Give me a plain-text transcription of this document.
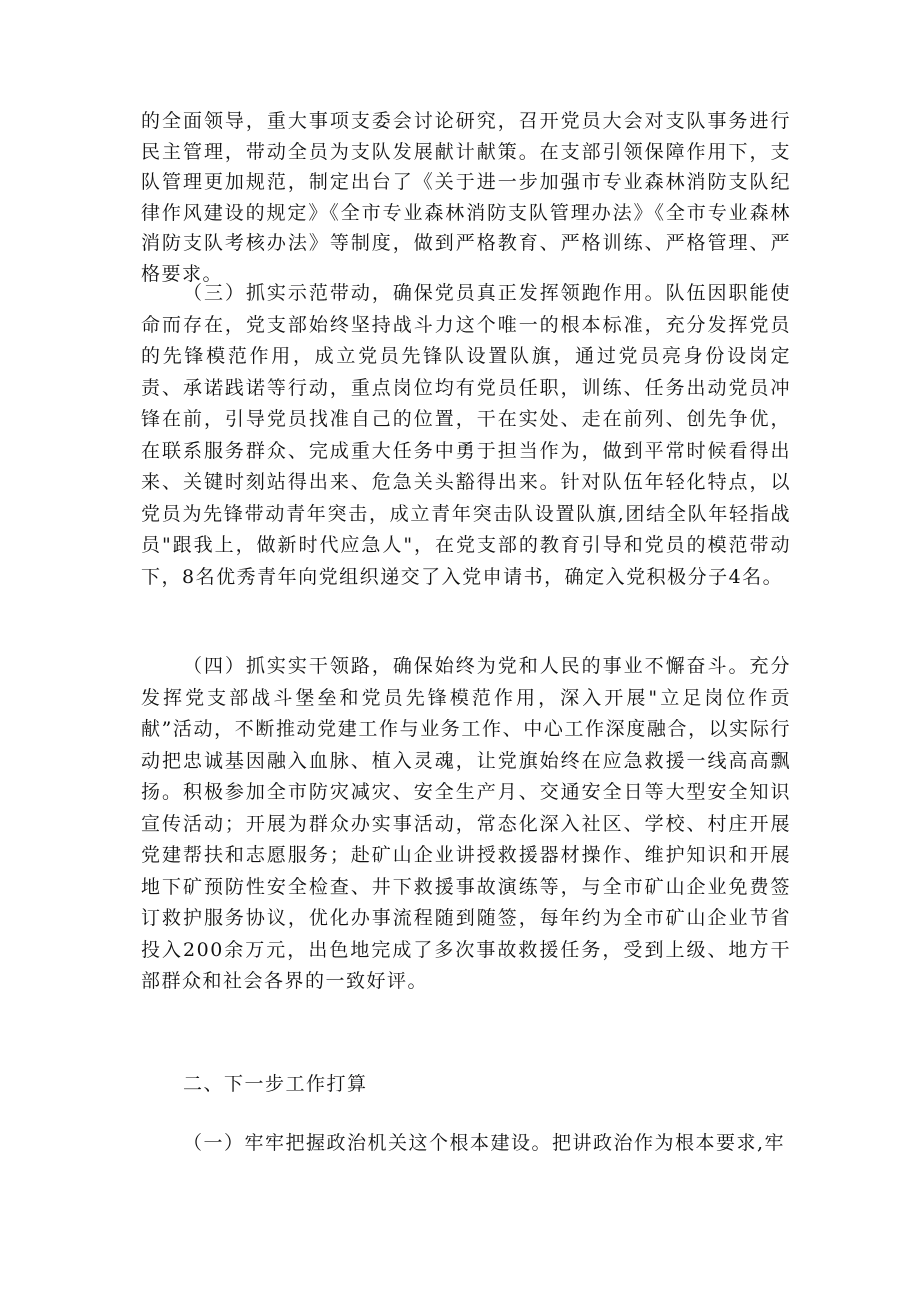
的全面领导，重大事项支委会讨论研究，召开党员大会对支队事务进行民主管理，带动全员为支队发展献计献策。在支部引领保障作用下，支队管理更加规范，制定出台了《关于进一步加强市专业森林消防支队纪律作风建设的规定》《全市专业森林消防支队管理办法》《全市专业森林消防支队考核办法》等制度，做到严格教育、严格训练、严格管理、严格要求。

（三）抓实示范带动，确保党员真正发挥领跑作用。队伍因职能使命而存在，党支部始终坚持战斗力这个唯一的根本标准，充分发挥党员的先锋模范作用，成立党员先锋队设置队旗，通过党员亮身份设岗定责、承诺践诺等行动，重点岗位均有党员任职，训练、任务出动党员冲锋在前，引导党员找准自己的位置，干在实处、走在前列、创先争优，在联系服务群众、完成重大任务中勇于担当作为，做到平常时候看得出来、关键时刻站得出来、危急关头豁得出来。针对队伍年轻化特点，以党员为先锋带动青年突击，成立青年突击队设置队旗,团结全队年轻指战员"跟我上，做新时代应急人"，在党支部的教育引导和党员的模范带动下，8名优秀青年向党组织递交了入党申请书，确定入党积极分子4名。

（四）抓实实干领路，确保始终为党和人民的事业不懈奋斗。充分发挥党支部战斗堡垒和党员先锋模范作用，深入开展"立足岗位作贡献”活动，不断推动党建工作与业务工作、中心工作深度融合，以实际行动把忠诚基因融入血脉、植入灵魂，让党旗始终在应急救援一线高高飘扬。积极参加全市防灾减灾、安全生产月、交通安全日等大型安全知识宣传活动；开展为群众办实事活动，常态化深入社区、学校、村庄开展党建帮扶和志愿服务；赴矿山企业讲授救援器材操作、维护知识和开展地下矿预防性安全检查、井下救援事故演练等，与全市矿山企业免费签订救护服务协议，优化办事流程随到随签，每年约为全市矿山企业节省投入200余万元，出色地完成了多次事故救援任务，受到上级、地方干部群众和社会各界的一致好评。

二、下一步工作打算

（一）牢牢把握政治机关这个根本建设。把讲政治作为根本要求,牢
